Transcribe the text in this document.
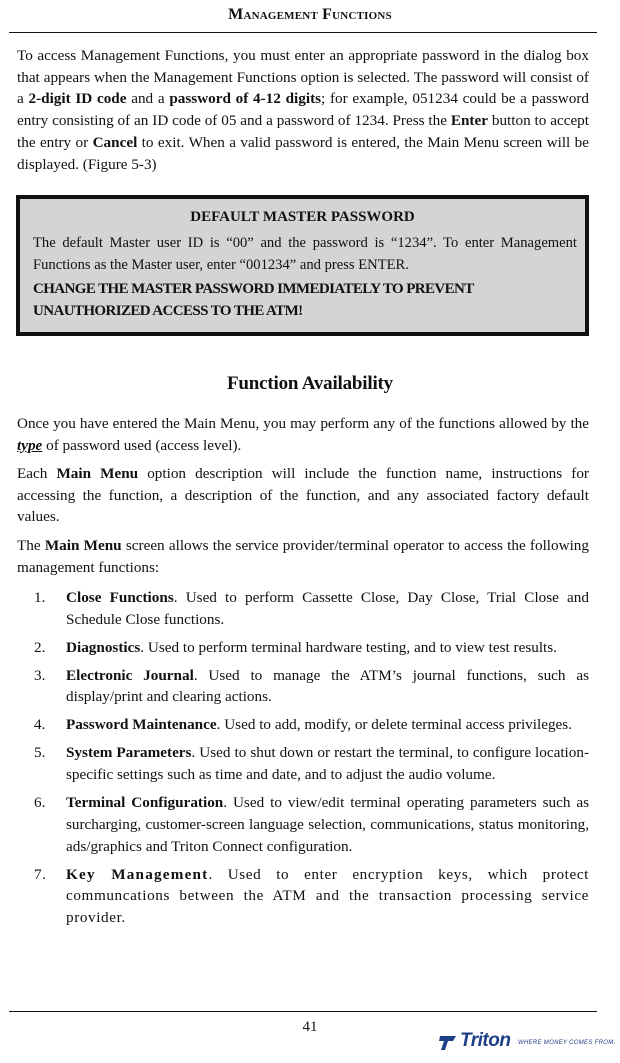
Management Functions
To access Management Functions, you must enter an appropriate password in the dialog box that appears when the Management Functions option is selected. The password will consist of a 2-digit ID code and a password of 4-12 digits; for example, 051234 could be a password entry consisting of an ID code of 05 and a password of 1234. Press the Enter button to accept the entry or Cancel to exit. When a valid password is entered, the Main Menu screen will be displayed. (Figure 5-3)
DEFAULT MASTER PASSWORD
The default Master user ID is “00” and the password is “1234”. To enter Management Functions as the Master user, enter “001234” and press ENTER.
CHANGE THE MASTER PASSWORD IMMEDIATELY TO PREVENT UNAUTHORIZED ACCESS TO THE ATM!
Function Availability
Once you have entered the Main Menu, you may perform any of the functions allowed by the type of password used (access level).
Each Main Menu option description will include the function name, instructions for accessing the function, a description of the function, and any associated factory default values.
The Main Menu screen allows the service provider/terminal operator to access the following management functions:
1. Close Functions. Used to perform Cassette Close, Day Close, Trial Close and Schedule Close functions.
2. Diagnostics. Used to perform terminal hardware testing, and to view test results.
3. Electronic Journal. Used to manage the ATM’s journal functions, such as display/print and clearing actions.
4. Password Maintenance. Used to add, modify, or delete terminal access privileges.
5. System Parameters. Used to shut down or restart the terminal, to configure location-specific settings such as time and date, and to adjust the audio volume.
6. Terminal Configuration. Used to view/edit terminal operating parameters such as surcharging, customer-screen language selection, communications, status monitoring, ads/graphics and Triton Connect configuration.
7. Key Management. Used to enter encryption keys, which protect communcations between the ATM and the transaction processing service provider.
41
Triton WHERE MONEY COMES FROM.
